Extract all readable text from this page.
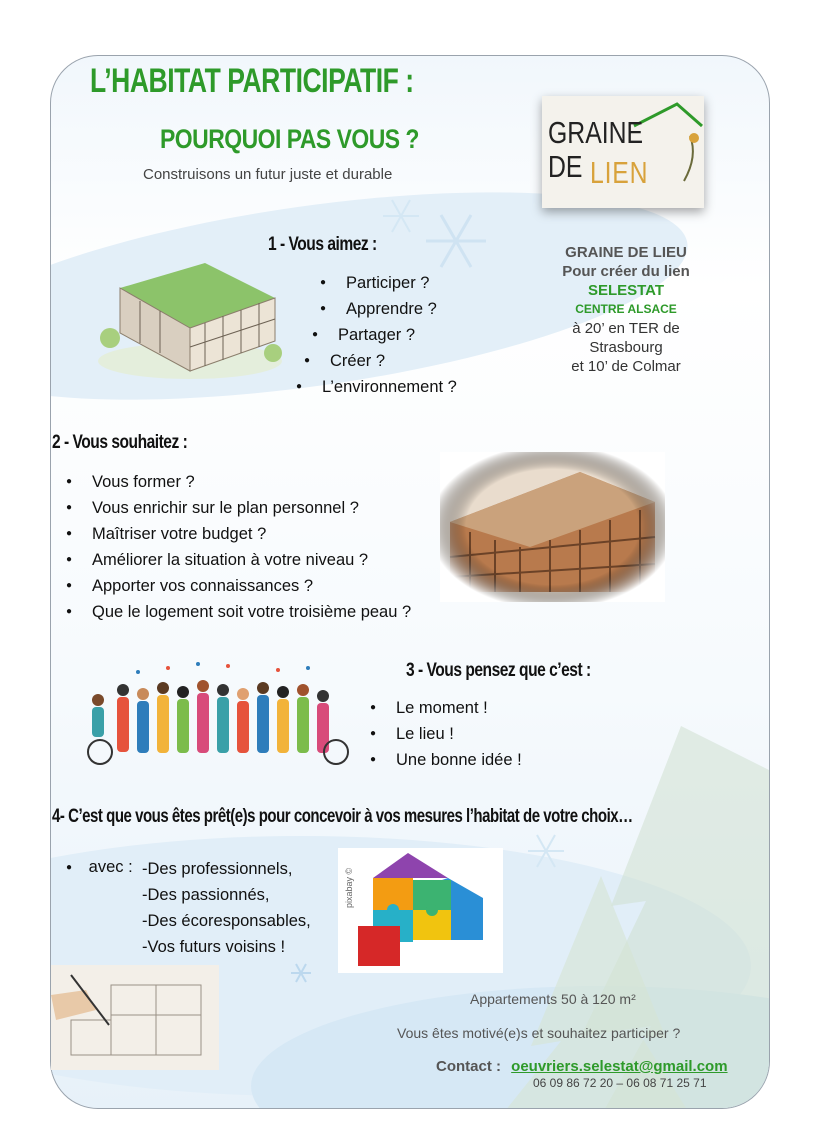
L’HABITAT PARTICIPATIF :
POURQUOI PAS VOUS ?
Construisons un futur juste et durable
GRAINE
DE LIEN
GRAINE DE LIEU
Pour créer du lien
SELESTAT
CENTRE ALSACE
à 20’ en TER de
Strasbourg
et 10’ de Colmar
1 - Vous aimez :
● Participer ?
● Apprendre ?
● Partager ?
● Créer ?
● L’environnement ?
2 - Vous souhaitez :
● Vous former ?
● Vous enrichir sur le plan personnel ?
● Maîtriser votre budget ?
● Améliorer la situation à votre niveau ?
● Apporter vos connaissances ?
● Que le logement soit votre troisième peau ?
3 - Vous pensez que c’est :
● Le moment !
● Le lieu !
● Une bonne idée !
4- C’est que vous êtes prêt(e)s pour concevoir à vos mesures l’habitat de votre choix…
● avec : -Des professionnels,
-Des passionnés,
-Des écoresponsables,
-Vos futurs voisins !
pixabay ©
Appartements 50 à 120 m²
Vous êtes motivé(e)s et souhaitez participer ?
Contact : oeuvriers.selestat@gmail.com
06 09 86 72 20 – 06 08 71 25 71
